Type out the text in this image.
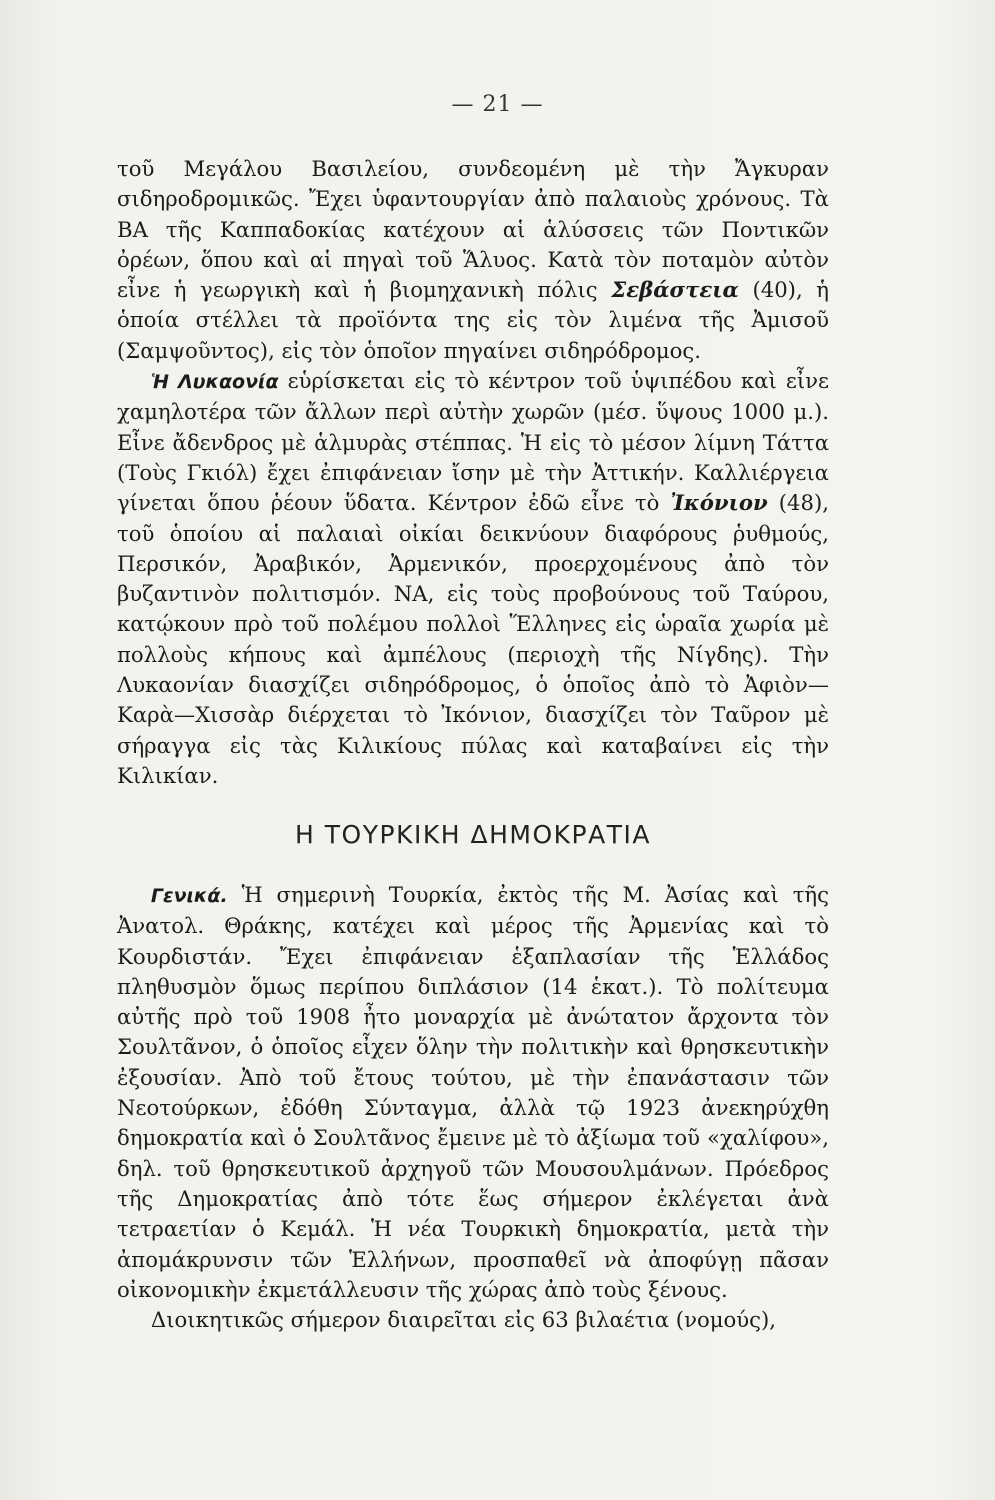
— 21 —

τοῦ Μεγάλου Βασιλείου, συνδεομένη μὲ τὴν Ἄγκυραν σιδηροδρομικῶς. Ἔχει ὑφαντουργίαν ἀπὸ παλαιοὺς χρόνους. Τὰ ΒΑ τῆς Καππαδοκίας κατέχουν αἱ ἁλύσσεις τῶν Ποντικῶν ὀρέων, ὅπου καὶ αἱ πηγαὶ τοῦ Ἅλυος. Κατὰ τὸν ποταμὸν αὐτὸν εἶνε ἡ γεωργικὴ καὶ ἡ βιομηχανικὴ πόλις Σεβάστεια (40), ἡ ὁποία στέλλει τὰ προϊόντα της εἰς τὸν λιμένα τῆς Ἀμισοῦ (Σαμψοῦντος), εἰς τὸν ὁποῖον πηγαίνει σιδηρόδρομος.

Ἡ Λυκαονία εὑρίσκεται εἰς τὸ κέντρον τοῦ ὑψιπέδου καὶ εἶνε χαμηλοτέρα τῶν ἄλλων περὶ αὐτὴν χωρῶν (μέσ. ὕψους 1000 μ.). Εἶνε ἄδενδρος μὲ ἁλμυρὰς στέππας. Ἡ εἰς τὸ μέσον λίμνη Τάττα (Τοὺς Γκιόλ) ἔχει ἐπιφάνειαν ἴσην μὲ τὴν Ἀττικήν. Καλλιέργεια γίνεται ὅπου ῥέουν ὕδατα. Κέντρον ἐδῶ εἶνε τὸ Ἰκόνιον (48), τοῦ ὁποίου αἱ παλαιαὶ οἰκίαι δεικνύουν διαφόρους ῥυθμούς, Περσικόν, Ἀραβικόν, Ἀρμενικόν, προερχομένους ἀπὸ τὸν βυζαντινὸν πολιτισμόν. ΝΑ, εἰς τοὺς προβούνους τοῦ Ταύρου, κατῴκουν πρὸ τοῦ πολέμου πολλοὶ Ἕλληνες εἰς ὡραῖα χωρία μὲ πολλοὺς κήπους καὶ ἀμπέλους (περιοχὴ τῆς Νίγδης). Τὴν Λυκαονίαν διασχίζει σιδηρόδρομος, ὁ ὁποῖος ἀπὸ τὸ Ἀφιὸν—Καρὰ—Χισσὰρ διέρχεται τὸ Ἰκόνιον, διασχίζει τὸν Ταῦρον μὲ σήραγγα εἰς τὰς Κιλικίους πύλας καὶ καταβαίνει εἰς τὴν Κιλικίαν.

Η ΤΟΥΡΚΙΚΗ ΔΗΜΟΚΡΑΤΙΑ

Γενικά. Ἡ σημερινὴ Τουρκία, ἐκτὸς τῆς Μ. Ἀσίας καὶ τῆς Ἀνατολ. Θράκης, κατέχει καὶ μέρος τῆς Ἀρμενίας καὶ τὸ Κουρδιστάν. Ἔχει ἐπιφάνειαν ἑξαπλασίαν τῆς Ἑλλάδος πληθυσμὸν ὅμως περίπου διπλάσιον (14 ἑκατ.). Τὸ πολίτευμα αὐτῆς πρὸ τοῦ 1908 ἦτο μοναρχία μὲ ἀνώτατον ἄρχοντα τὸν Σουλτᾶνον, ὁ ὁποῖος εἶχεν ὅλην τὴν πολιτικὴν καὶ θρησκευτικὴν ἐξουσίαν. Ἀπὸ τοῦ ἔτους τούτου, μὲ τὴν ἐπανάστασιν τῶν Νεοτούρκων, ἐδόθη Σύνταγμα, ἀλλὰ τῷ 1923 ἀνεκηρύχθη δημοκρατία καὶ ὁ Σουλτᾶνος ἔμεινε μὲ τὸ ἀξίωμα τοῦ «χαλίφου», δηλ. τοῦ θρησκευτικοῦ ἀρχηγοῦ τῶν Μουσουλμάνων. Πρόεδρος τῆς Δημοκρατίας ἀπὸ τότε ἕως σήμερον ἐκλέγεται ἀνὰ τετραετίαν ὁ Κεμάλ. Ἡ νέα Τουρκικὴ δημοκρατία, μετὰ τὴν ἀπομάκρυνσιν τῶν Ἑλλήνων, προσπαθεῖ νὰ ἀποφύγῃ πᾶσαν οἰκονομικὴν ἐκμετάλλευσιν τῆς χώρας ἀπὸ τοὺς ξένους.

Διοικητικῶς σήμερον διαιρεῖται εἰς 63 βιλαέτια (νομούς),
